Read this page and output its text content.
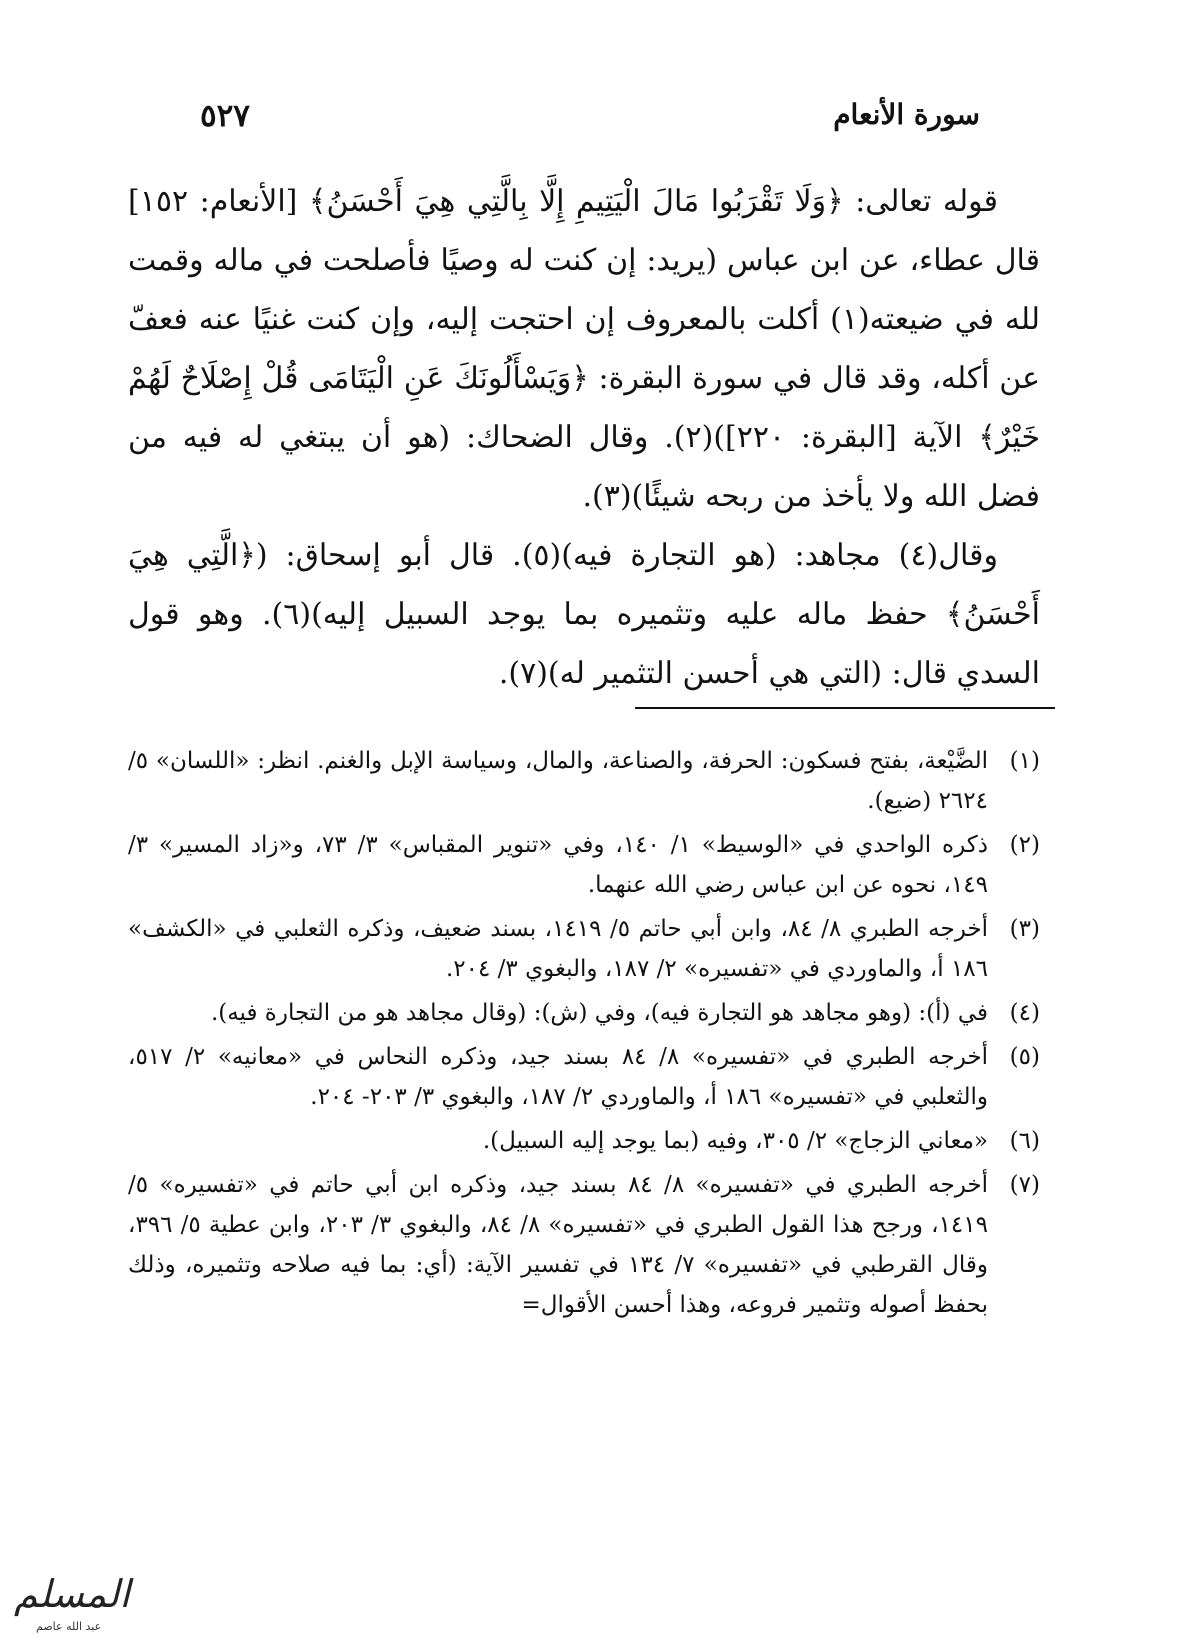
٥٢٧	سورة الأنعام

قوله تعالى: ﴿وَلَا تَقْرَبُوا مَالَ الْيَتِيمِ إِلَّا بِالَّتِي هِيَ أَحْسَنُ﴾ [الأنعام: ١٥٢] قال عطاء، عن ابن عباس (يريد: إن كنت له وصيًا فأصلحت في ماله وقمت لله في ضيعته(١) أكلت بالمعروف إن احتجت إليه، وإن كنت غنيًا عنه فعفّ عن أكله، وقد قال في سورة البقرة: ﴿وَيَسْأَلُونَكَ عَنِ الْيَتَامَى قُلْ إِصْلَاحٌ لَهُمْ خَيْرٌ﴾ الآية [البقرة: ٢٢٠])(٢). وقال الضحاك: (هو أن يبتغي له فيه من فضل الله ولا يأخذ من ربحه شيئًا)(٣).

وقال(٤) مجاهد: (هو التجارة فيه)(٥). قال أبو إسحاق: (﴿الَّتِي هِيَ أَحْسَنُ﴾ حفظ ماله عليه وتثميره بما يوجد السبيل إليه)(٦). وهو قول السدي قال: (التي هي أحسن التثمير له)(٧).

(١)
الضَّيْعة، بفتح فسكون: الحرفة، والصناعة، والمال، وسياسة الإبل والغنم. انظر: «اللسان» ٥/ ٢٦٢٤ (ضيع).
(٢)
ذكره الواحدي في «الوسيط» ١/ ١٤٠، وفي «تنوير المقباس» ٣/ ٧٣، و«زاد المسير» ٣/ ١٤٩، نحوه عن ابن عباس رضي الله عنهما.
(٣)
أخرجه الطبري ٨/ ٨٤، وابن أبي حاتم ٥/ ١٤١٩، بسند ضعيف، وذكره الثعلبي في «الكشف» ١٨٦ أ، والماوردي في «تفسيره» ٢/ ١٨٧، والبغوي ٣/ ٢٠٤.
(٤)
في (أ): (وهو مجاهد هو التجارة فيه)، وفي (ش): (وقال مجاهد هو من التجارة فيه).
(٥)
أخرجه الطبري في «تفسيره» ٨/ ٨٤ بسند جيد، وذكره النحاس في «معانيه» ٢/ ٥١٧، والثعلبي في «تفسيره» ١٨٦ أ، والماوردي ٢/ ١٨٧، والبغوي ٣/ ٢٠٣- ٢٠٤.
(٦)
«معاني الزجاج» ٢/ ٣٠٥، وفيه (بما يوجد إليه السبيل).
(٧)
أخرجه الطبري في «تفسيره» ٨/ ٨٤ بسند جيد، وذكره ابن أبي حاتم في «تفسيره» ٥/ ١٤١٩، ورجح هذا القول الطبري في «تفسيره» ٨/ ٨٤، والبغوي ٣/ ٢٠٣، وابن عطية ٥/ ٣٩٦، وقال القرطبي في «تفسيره» ٧/ ١٣٤ في تفسير الآية: (أي: بما فيه صلاحه وتثميره، وذلك بحفظ أصوله وتثمير فروعه، وهذا أحسن الأقوال=
المسلم
عبد الله عاصم
